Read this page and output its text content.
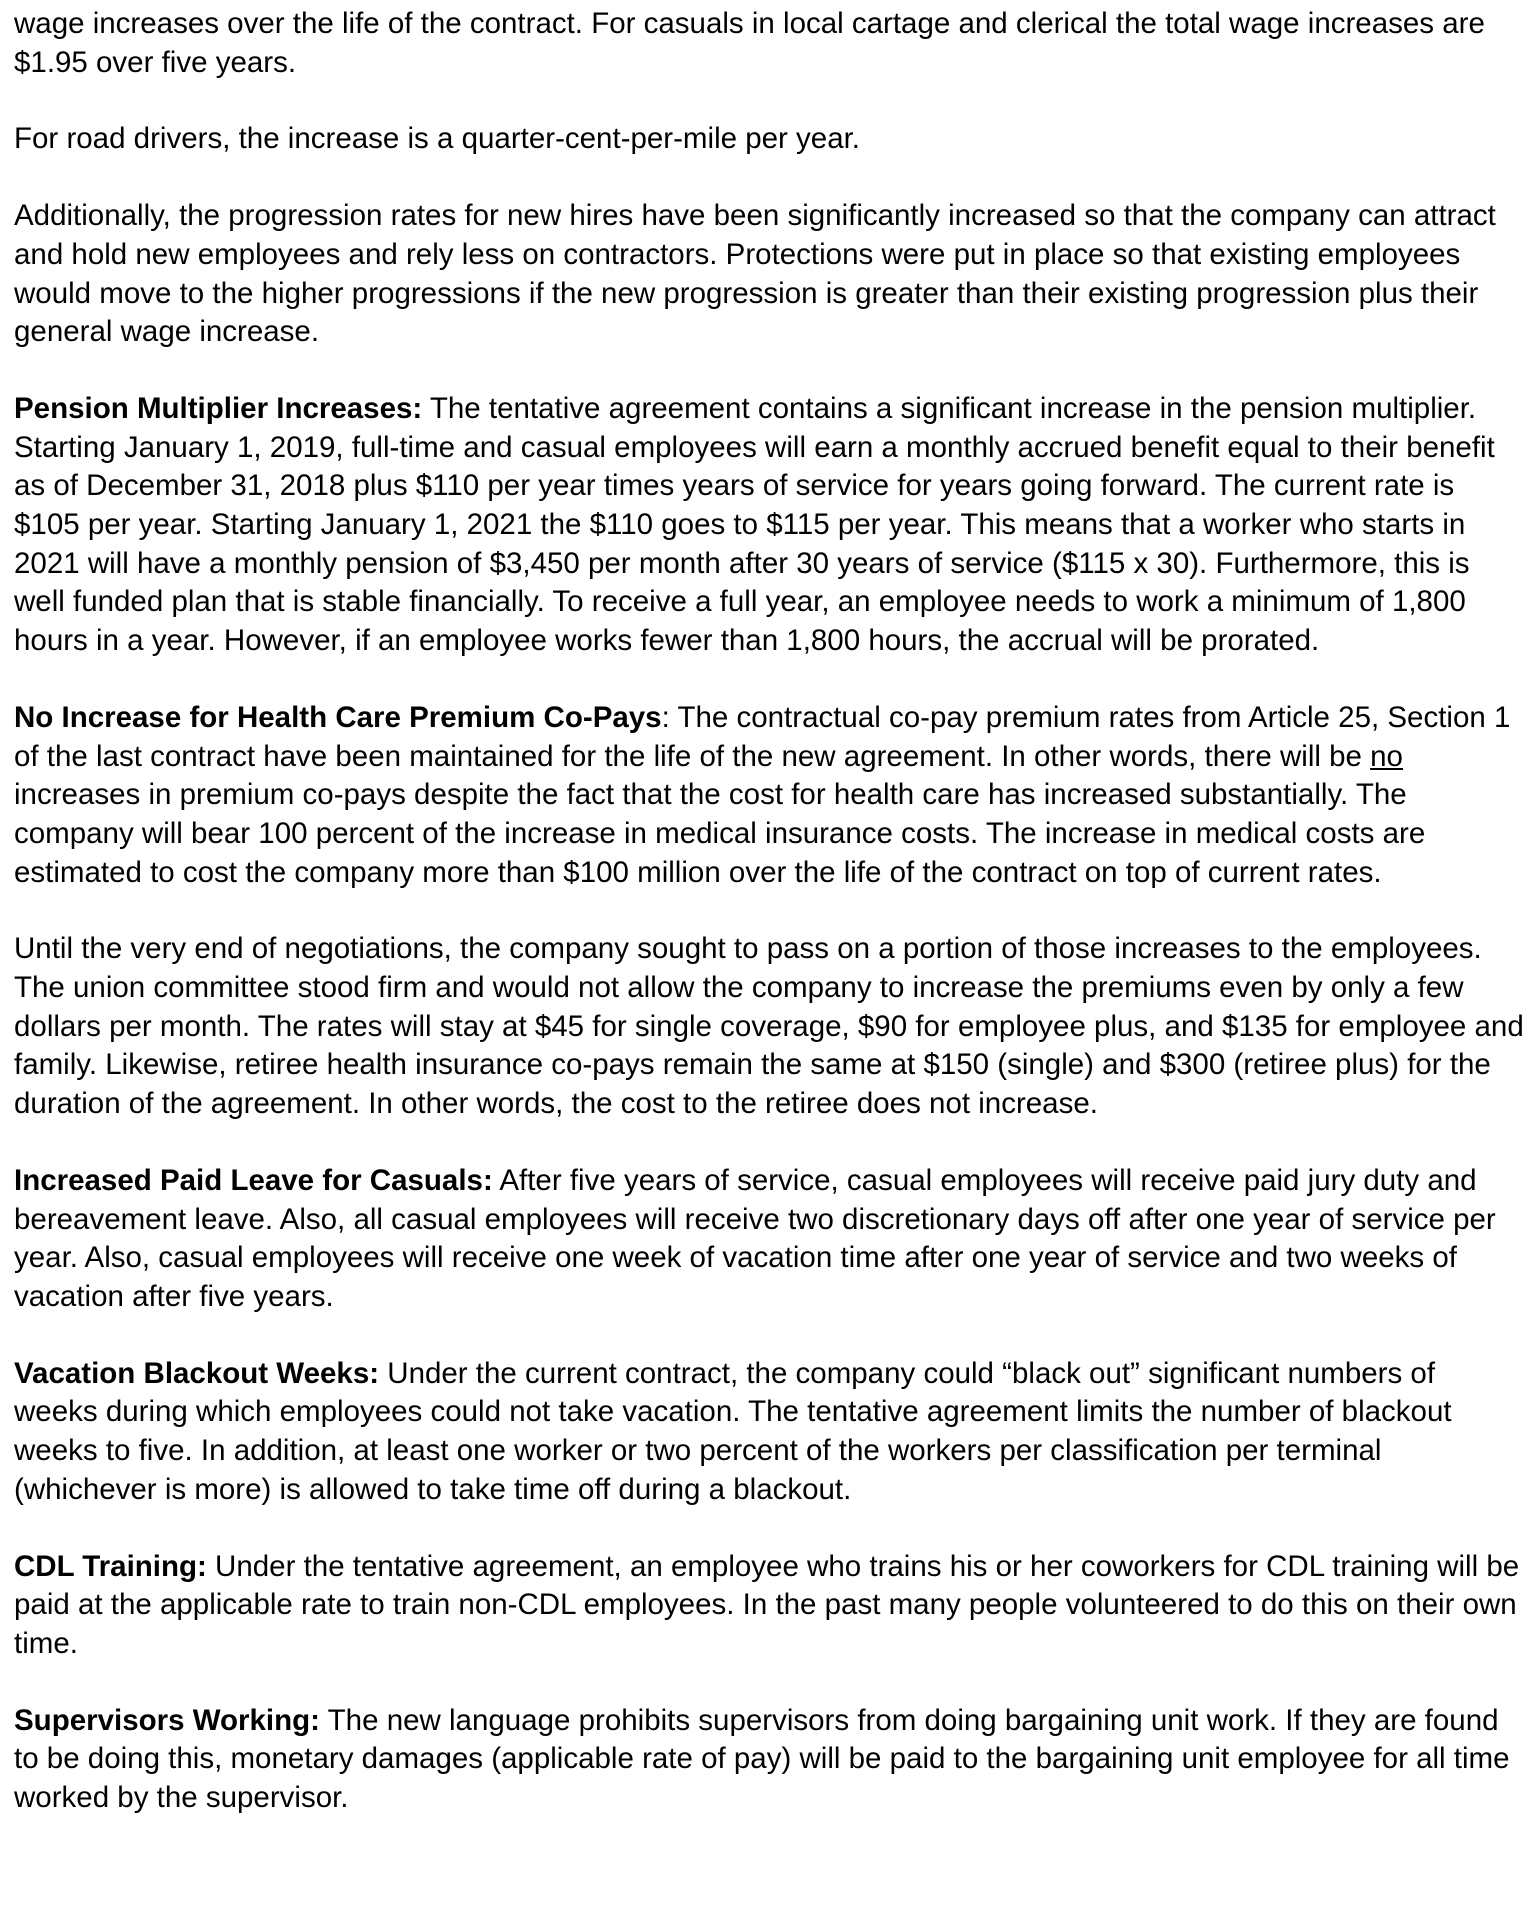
wage increases over the life of the contract. For casuals in local cartage and clerical the total wage increases are $1.95 over five years.

For road drivers, the increase is a quarter-cent-per-mile per year.

Additionally, the progression rates for new hires have been significantly increased so that the company can attract and hold new employees and rely less on contractors. Protections were put in place so that existing employees would move to the higher progressions if the new progression is greater than their existing progression plus their general wage increase.

Pension Multiplier Increases: The tentative agreement contains a significant increase in the pension multiplier. Starting January 1, 2019, full-time and casual employees will earn a monthly accrued benefit equal to their benefit as of December 31, 2018 plus $110 per year times years of service for years going forward. The current rate is $105 per year. Starting January 1, 2021 the $110 goes to $115 per year. This means that a worker who starts in 2021 will have a monthly pension of $3,450 per month after 30 years of service ($115 x 30). Furthermore, this is well funded plan that is stable financially. To receive a full year, an employee needs to work a minimum of 1,800 hours in a year. However, if an employee works fewer than 1,800 hours, the accrual will be prorated.

No Increase for Health Care Premium Co-Pays: The contractual co-pay premium rates from Article 25, Section 1 of the last contract have been maintained for the life of the new agreement. In other words, there will be no increases in premium co-pays despite the fact that the cost for health care has increased substantially. The company will bear 100 percent of the increase in medical insurance costs. The increase in medical costs are estimated to cost the company more than $100 million over the life of the contract on top of current rates.

Until the very end of negotiations, the company sought to pass on a portion of those increases to the employees. The union committee stood firm and would not allow the company to increase the premiums even by only a few dollars per month. The rates will stay at $45 for single coverage, $90 for employee plus, and $135 for employee and family. Likewise, retiree health insurance co-pays remain the same at $150 (single) and $300 (retiree plus) for the duration of the agreement. In other words, the cost to the retiree does not increase.

Increased Paid Leave for Casuals: After five years of service, casual employees will receive paid jury duty and bereavement leave. Also, all casual employees will receive two discretionary days off after one year of service per year. Also, casual employees will receive one week of vacation time after one year of service and two weeks of vacation after five years.

Vacation Blackout Weeks: Under the current contract, the company could “black out” significant numbers of weeks during which employees could not take vacation. The tentative agreement limits the number of blackout weeks to five. In addition, at least one worker or two percent of the workers per classification per terminal (whichever is more) is allowed to take time off during a blackout.

CDL Training: Under the tentative agreement, an employee who trains his or her coworkers for CDL training will be paid at the applicable rate to train non-CDL employees. In the past many people volunteered to do this on their own time.

Supervisors Working: The new language prohibits supervisors from doing bargaining unit work. If they are found to be doing this, monetary damages (applicable rate of pay) will be paid to the bargaining unit employee for all time worked by the supervisor.
